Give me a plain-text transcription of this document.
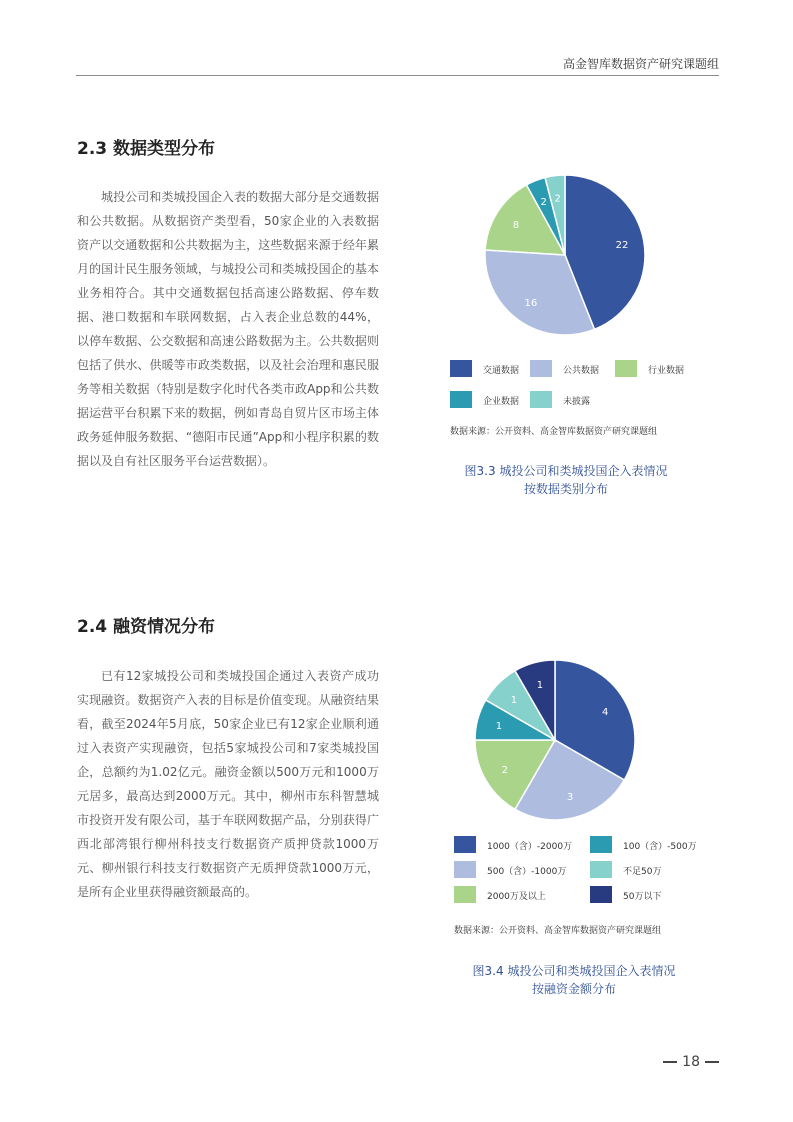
高金智库数据资产研究课题组
2.3 数据类型分布
城投公司和类城投国企入表的数据大部分是交通数据和公共数据。从数据资产类型看，50家企业的入表数据资产以交通数据和公共数据为主，这些数据来源于经年累月的国计民生服务领域，与城投公司和类城投国企的基本业务相符合。其中交通数据包括高速公路数据、停车数据、港口数据和车联网数据，占入表企业总数的44%，以停车数据、公交数据和高速公路数据为主。公共数据则包括了供水、供暖等市政类数据，以及社会治理和惠民服务等相关数据（特别是数字化时代各类市政App和公共数据运营平台积累下来的数据，例如青岛自贸片区市场主体政务延伸服务数据、“德阳市民通”App和小程序积累的数据以及自有社区服务平台运营数据）。
22
16
8
2 2
交通数据	公共数据	行业数据
企业数据	未披露
数据来源：公开资料、高金智库数据资产研究课题组
图3.3 城投公司和类城投国企入表情况
按数据类别分布
2.4 融资情况分布
已有12家城投公司和类城投国企通过入表资产成功实现融资。数据资产入表的目标是价值变现。从融资结果看，截至2024年5月底，50家企业已有12家企业顺利通过入表资产实现融资，包括5家城投公司和7家类城投国企，总额约为1.02亿元。融资金额以500万元和1000万元居多，最高达到2000万元。其中，柳州市东科智慧城市投资开发有限公司，基于车联网数据产品，分别获得广西北部湾银行柳州科技支行数据资产质押贷款1000万元、柳州银行科技支行数据资产无质押贷款1000万元，是所有企业里获得融资额最高的。
4
3
2
1
1
1
1000（含）-2000万	100（含）-500万
500（含）-1000万	不足50万
2000万及以上	50万以下
数据来源：公开资料、高金智库数据资产研究课题组
图3.4 城投公司和类城投国企入表情况
按融资金额分布
18
